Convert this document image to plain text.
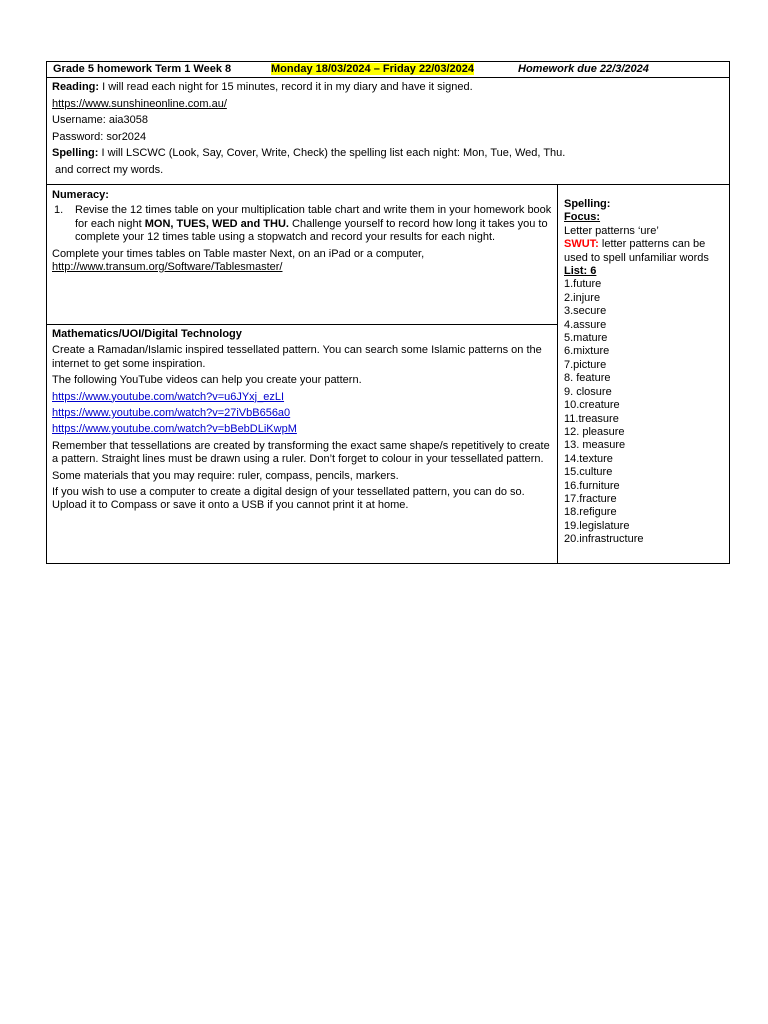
Grade 5 homework Term 1 Week 8	Monday 18/03/2024 – Friday 22/03/2024	Homework due 22/3/2024

Reading: I will read each night for 15 minutes, record it in my diary and have it signed.
https://www.sunshineonline.com.au/
Username: aia3058
Password: sor2024
Spelling: I will LSCWC (Look, Say, Cover, Write, Check) the spelling list each night: Mon, Tue, Wed, Thu.
and correct my words.

Numeracy:

1. Revise the 12 times table on your multiplication table chart and write them in your homework book for each night MON, TUES, WED and THU. Challenge yourself to record how long it takes you to complete your 12 times table using a stopwatch and record your results for each night.

Complete your times tables on Table master Next, on an iPad or a computer,

http://www.transum.org/Software/Tablesmaster/

Spelling:
Focus:
Letter patterns ‘ure’
SWUT: letter patterns can be used to spell unfamiliar words
List: 6
1.future
2.injure
3.secure
4.assure
5.mature
6.mixture
7.picture
8. feature
9. closure
10.creature
11.treasure
12. pleasure
13. measure
14.texture
15.culture
16.furniture
17.fracture
18.refigure
19.legislature
20.infrastructure

Mathematics/UOI/Digital Technology

Create a Ramadan/Islamic inspired tessellated pattern. You can search some Islamic patterns on the internet to get some inspiration.

The following YouTube videos can help you create your pattern.

https://www.youtube.com/watch?v=u6JYxj_ezLI

https://www.youtube.com/watch?v=27iVbB656a0

https://www.youtube.com/watch?v=bBebDLiKwpM

Remember that tessellations are created by transforming the exact same shape/s repetitively to create a pattern. Straight lines must be drawn using a ruler. Don’t forget to colour in your tessellated pattern.

Some materials that you may require: ruler, compass, pencils, markers.

If you wish to use a computer to create a digital design of your tessellated pattern, you can do so. Upload it to Compass or save it onto a USB if you cannot print it at home.
